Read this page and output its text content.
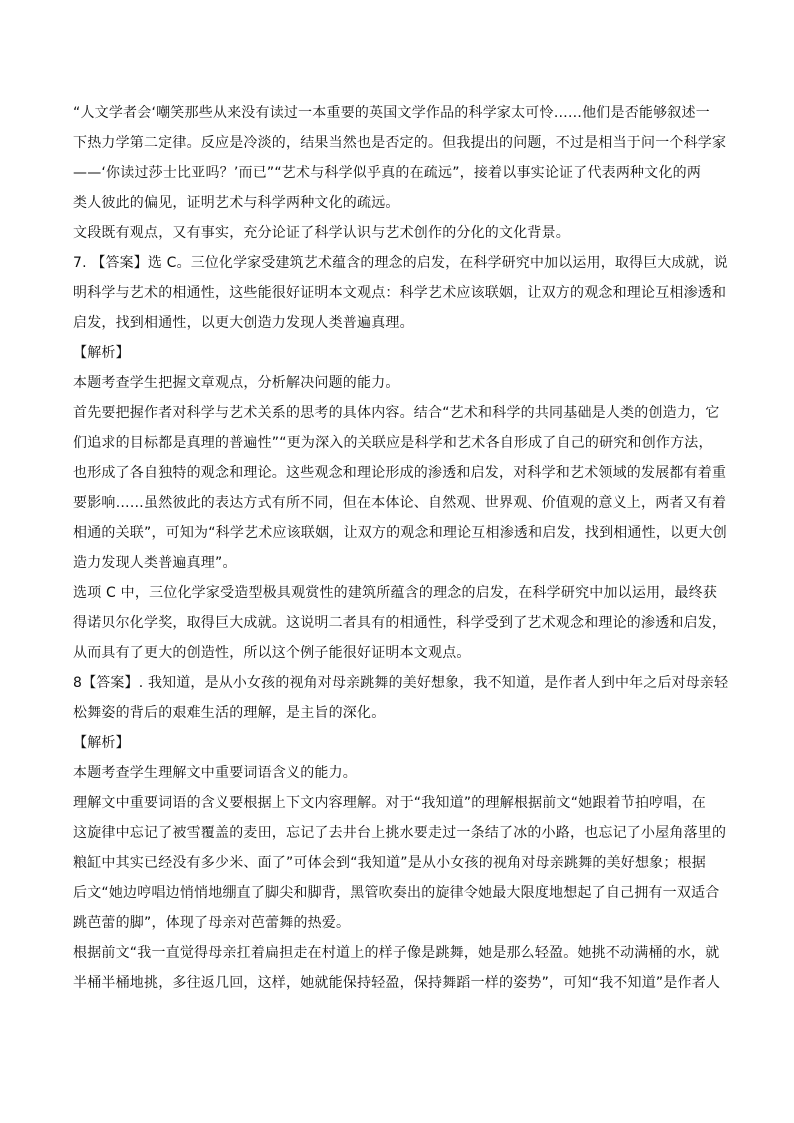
“人文学者会‘嘲笑那些从来没有读过一本重要的英国文学作品的科学家太可怜……他们是否能够叙述一
下热力学第二定律。反应是冷淡的，结果当然也是否定的。但我提出的问题，不过是相当于问一个科学家
——‘你读过莎士比亚吗？’而已”“艺术与科学似乎真的在疏远”，接着以事实论证了代表两种文化的两
类人彼此的偏见，证明艺术与科学两种文化的疏远。
文段既有观点，又有事实，充分论证了科学认识与艺术创作的分化的文化背景。
7. 【答案】选 C。三位化学家受建筑艺术蕴含的理念的启发，在科学研究中加以运用，取得巨大成就，说
明科学与艺术的相通性，这些能很好证明本文观点：科学艺术应该联姻，让双方的观念和理论互相渗透和
启发，找到相通性，以更大创造力发现人类普遍真理。
【解析】
本题考查学生把握文章观点，分析解决问题的能力。
首先要把握作者对科学与艺术关系的思考的具体内容。结合“艺术和科学的共同基础是人类的创造力，它
们追求的目标都是真理的普遍性”“更为深入的关联应是科学和艺术各自形成了自己的研究和创作方法，
也形成了各自独特的观念和理论。这些观念和理论形成的渗透和启发，对科学和艺术领域的发展都有着重
要影响……虽然彼此的表达方式有所不同，但在本体论、自然观、世界观、价值观的意义上，两者又有着
相通的关联”，可知为“科学艺术应该联姻，让双方的观念和理论互相渗透和启发，找到相通性，以更大创
造力发现人类普遍真理”。
选项 C 中，三位化学家受造型极具观赏性的建筑所蕴含的理念的启发，在科学研究中加以运用，最终获
得诺贝尔化学奖，取得巨大成就。这说明二者具有的相通性，科学受到了艺术观念和理论的渗透和启发，
从而具有了更大的创造性，所以这个例子能很好证明本文观点。
8【答案】. 我知道，是从小女孩的视角对母亲跳舞的美好想象，我不知道，是作者人到中年之后对母亲轻
松舞姿的背后的艰难生活的理解，是主旨的深化。
【解析】
本题考查学生理解文中重要词语含义的能力。
理解文中重要词语的含义要根据上下文内容理解。对于“我知道”的理解根据前文“她跟着节拍哼唱，在
这旋律中忘记了被雪覆盖的麦田，忘记了去井台上挑水要走过一条结了冰的小路，也忘记了小屋角落里的
粮缸中其实已经没有多少米、面了”可体会到“我知道”是从小女孩的视角对母亲跳舞的美好想象；根据
后文“她边哼唱边悄悄地绷直了脚尖和脚背，黑管吹奏出的旋律令她最大限度地想起了自己拥有一双适合
跳芭蕾的脚”，体现了母亲对芭蕾舞的热爱。
根据前文“我一直觉得母亲扛着扁担走在村道上的样子像是跳舞，她是那么轻盈。她挑不动满桶的水，就
半桶半桶地挑，多往返几回，这样，她就能保持轻盈，保持舞蹈一样的姿势”，可知“我不知道”是作者人
